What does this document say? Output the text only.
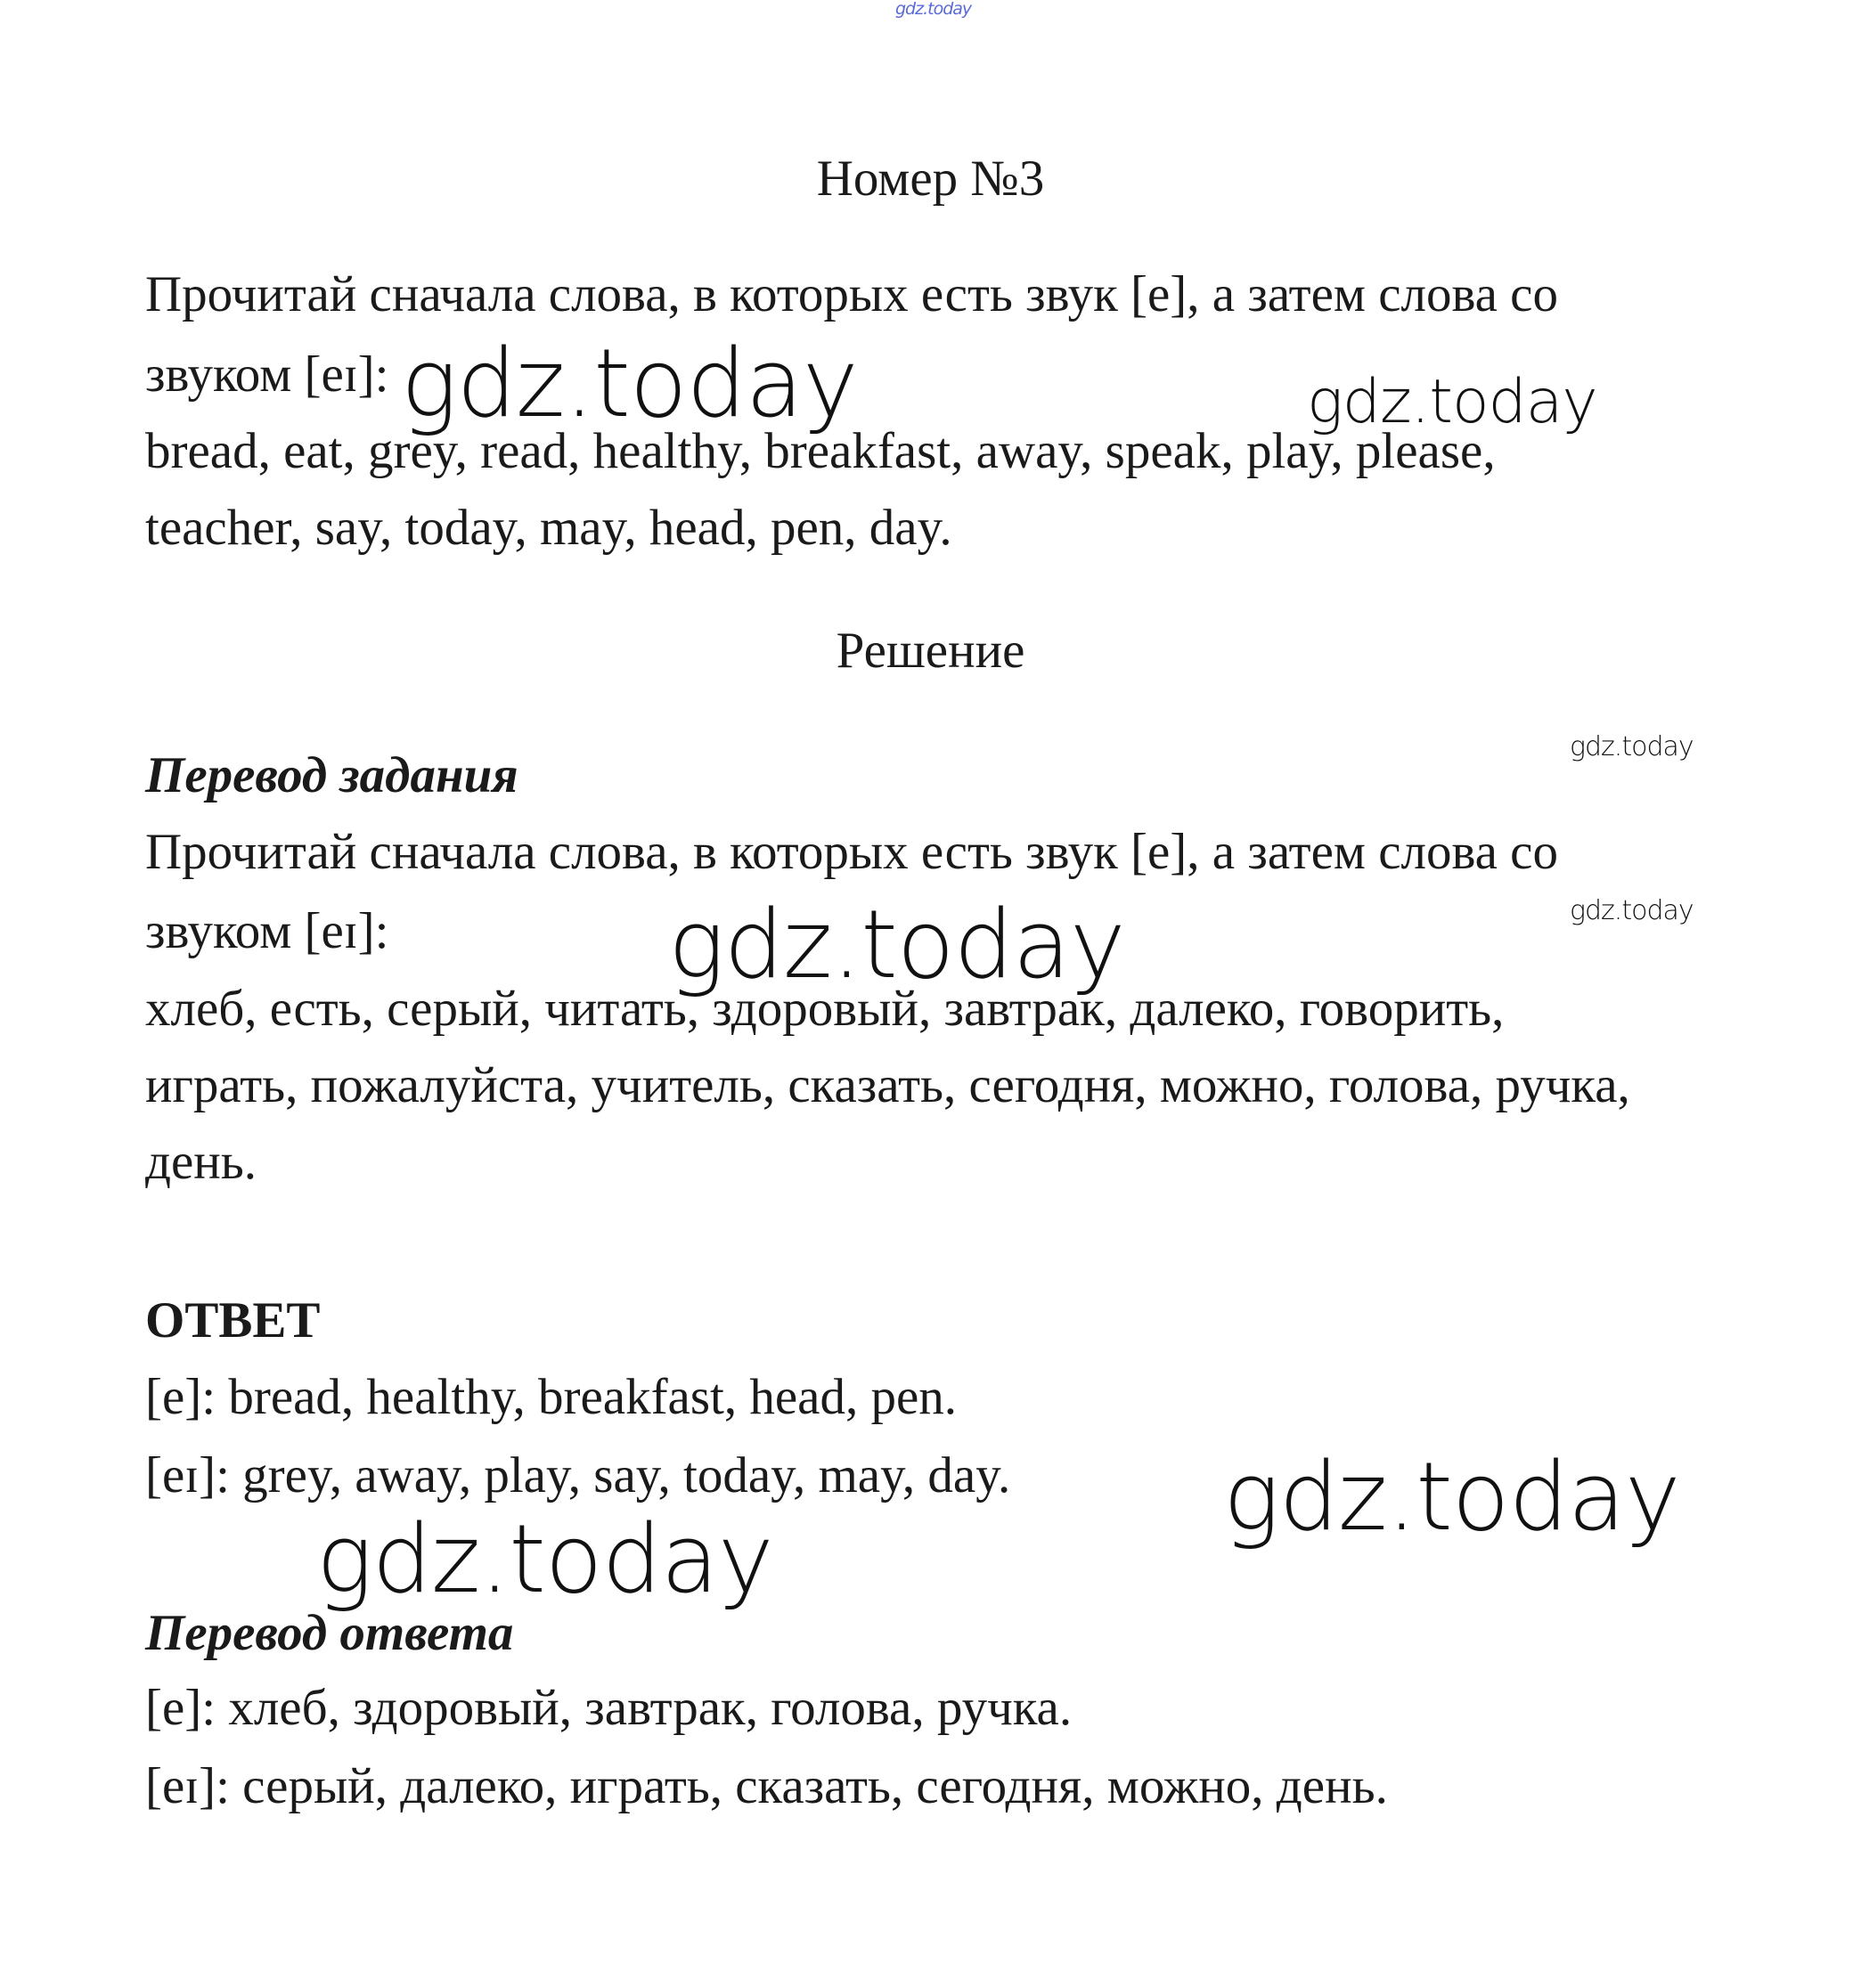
gdz.today
Номер №3
Прочитай сначала слова, в которых есть звук [e], а затем слова со
звуком [eɪ]:
bread, eat, grey, read, healthy, breakfast, away, speak, play, please,
teacher, say, today, may, head, pen, day.
Решение
Перевод задания
Прочитай сначала слова, в которых есть звук [e], а затем слова со
звуком [eɪ]:
хлеб, есть, серый, читать, здоровый, завтрак, далеко, говорить,
играть, пожалуйста, учитель, сказать, сегодня, можно, голова, ручка,
день.
ОТВЕТ
[e]: bread, healthy, breakfast, head, pen.
[eɪ]: grey, away, play, say, today, may, day.
Перевод ответа
[e]: хлеб, здоровый, завтрак, голова, ручка.
[eɪ]: серый, далеко, играть, сказать, сегодня, можно, день.
gdz.today	gdz.today
gdz.today
gdz.today
gdz.today
gdz.today
gdz.today
